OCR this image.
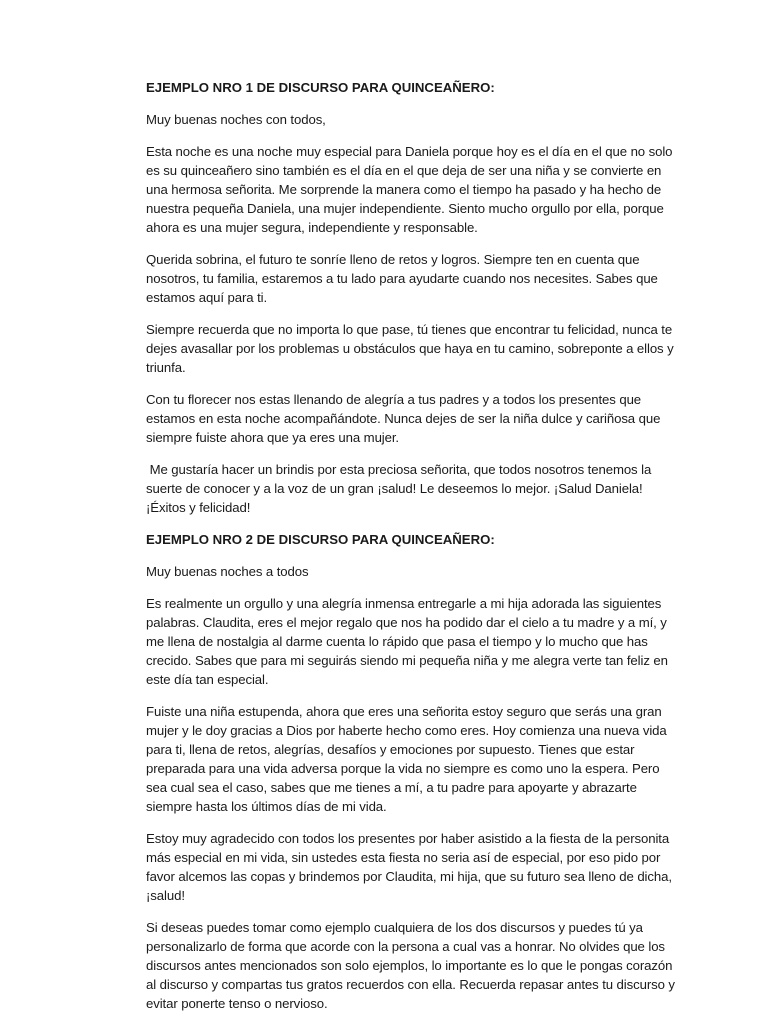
EJEMPLO NRO 1 DE DISCURSO PARA QUINCEAÑERO:

Muy buenas noches con todos,

Esta noche es una noche muy especial para Daniela porque hoy es el día en el que no solo es su quinceañero sino también es el día en el que deja de ser una niña y se convierte en una hermosa señorita. Me sorprende la manera como el tiempo ha pasado y ha hecho de nuestra pequeña Daniela, una mujer independiente. Siento mucho orgullo por ella, porque ahora es una mujer segura, independiente y responsable.

Querida sobrina, el futuro te sonríe lleno de retos y logros. Siempre ten en cuenta que nosotros, tu familia, estaremos a tu lado para ayudarte cuando nos necesites. Sabes que estamos aquí para ti.

Siempre recuerda que no importa lo que pase, tú tienes que encontrar tu felicidad, nunca te dejes avasallar por los problemas u obstáculos que haya en tu camino, sobreponte a ellos y triunfa.

Con tu florecer nos estas llenando de alegría a tus padres y a todos los presentes que estamos en esta noche acompañándote. Nunca dejes de ser la niña dulce y cariñosa que siempre fuiste ahora que ya eres una mujer.

Me gustaría hacer un brindis por esta preciosa señorita, que todos nosotros tenemos la suerte de conocer y a la voz de un gran ¡salud! Le deseemos lo mejor. ¡Salud Daniela! ¡Éxitos y felicidad!

EJEMPLO NRO 2 DE DISCURSO PARA QUINCEAÑERO:

Muy buenas noches a todos

Es realmente un orgullo y una alegría inmensa entregarle a mi hija adorada las siguientes palabras. Claudita, eres el mejor regalo que nos ha podido dar el cielo a tu madre y a mí, y me llena de nostalgia al darme cuenta lo rápido que pasa el tiempo y lo mucho que has crecido. Sabes que para mi seguirás siendo mi pequeña niña y me alegra verte tan feliz en este día tan especial.

Fuiste una niña estupenda, ahora que eres una señorita estoy seguro que serás una gran mujer y le doy gracias a Dios por haberte hecho como eres. Hoy comienza una nueva vida para ti, llena de retos, alegrías, desafíos y emociones por supuesto. Tienes que estar preparada para una vida adversa porque la vida no siempre es como uno la espera. Pero sea cual sea el caso, sabes que me tienes a mí, a tu padre para apoyarte y abrazarte siempre hasta los últimos días de mi vida.

Estoy muy agradecido con todos los presentes por haber asistido a la fiesta de la personita más especial en mi vida, sin ustedes esta fiesta no seria así de especial, por eso pido por favor alcemos las copas y brindemos por Claudita, mi hija, que su futuro sea lleno de dicha, ¡salud!

Si deseas puedes tomar como ejemplo cualquiera de los dos discursos y puedes tú ya personalizarlo de forma que acorde con la persona a cual vas a honrar. No olvides que los discursos antes mencionados son solo ejemplos, lo importante es lo que le pongas corazón al discurso y compartas tus gratos recuerdos con ella. Recuerda repasar antes tu discurso y evitar ponerte tenso o nervioso.
